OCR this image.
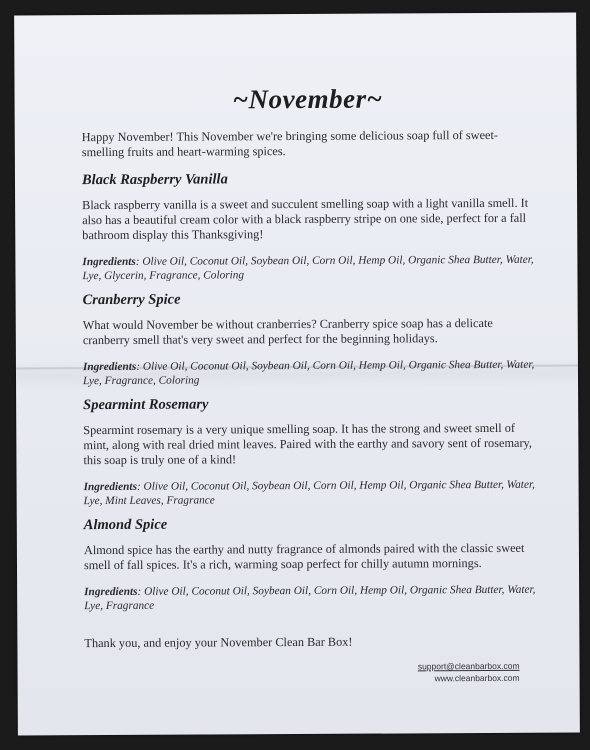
~November~

Happy November! This November we're bringing some delicious soap full of sweet-smelling fruits and heart-warming spices.

Black Raspberry Vanilla

Black raspberry vanilla is a sweet and succulent smelling soap with a light vanilla smell. It also has a beautiful cream color with a black raspberry stripe on one side, perfect for a fall bathroom display this Thanksgiving!

Ingredients: Olive Oil, Coconut Oil, Soybean Oil, Corn Oil, Hemp Oil, Organic Shea Butter, Water, Lye, Glycerin, Fragrance, Coloring
Cranberry Spice

What would November be without cranberries? Cranberry spice soap has a delicate cranberry smell that's very sweet and perfect for the beginning holidays.

Ingredients: Olive Oil, Coconut Oil, Soybean Oil, Corn Oil, Hemp Oil, Organic Shea Butter, Water, Lye, Fragrance, Coloring
Spearmint Rosemary

Spearmint rosemary is a very unique smelling soap. It has the strong and sweet smell of mint, along with real dried mint leaves. Paired with the earthy and savory sent of rosemary, this soap is truly one of a kind!

Ingredients: Olive Oil, Coconut Oil, Soybean Oil, Corn Oil, Hemp Oil, Organic Shea Butter, Water, Lye, Mint Leaves, Fragrance
Almond Spice

Almond spice has the earthy and nutty fragrance of almonds paired with the classic sweet smell of fall spices. It's a rich, warming soap perfect for chilly autumn mornings.

Ingredients: Olive Oil, Coconut Oil, Soybean Oil, Corn Oil, Hemp Oil, Organic Shea Butter, Water, Lye, Fragrance

Thank you, and enjoy your November Clean Bar Box!

support@cleanbarbox.com
www.cleanbarbox.com
